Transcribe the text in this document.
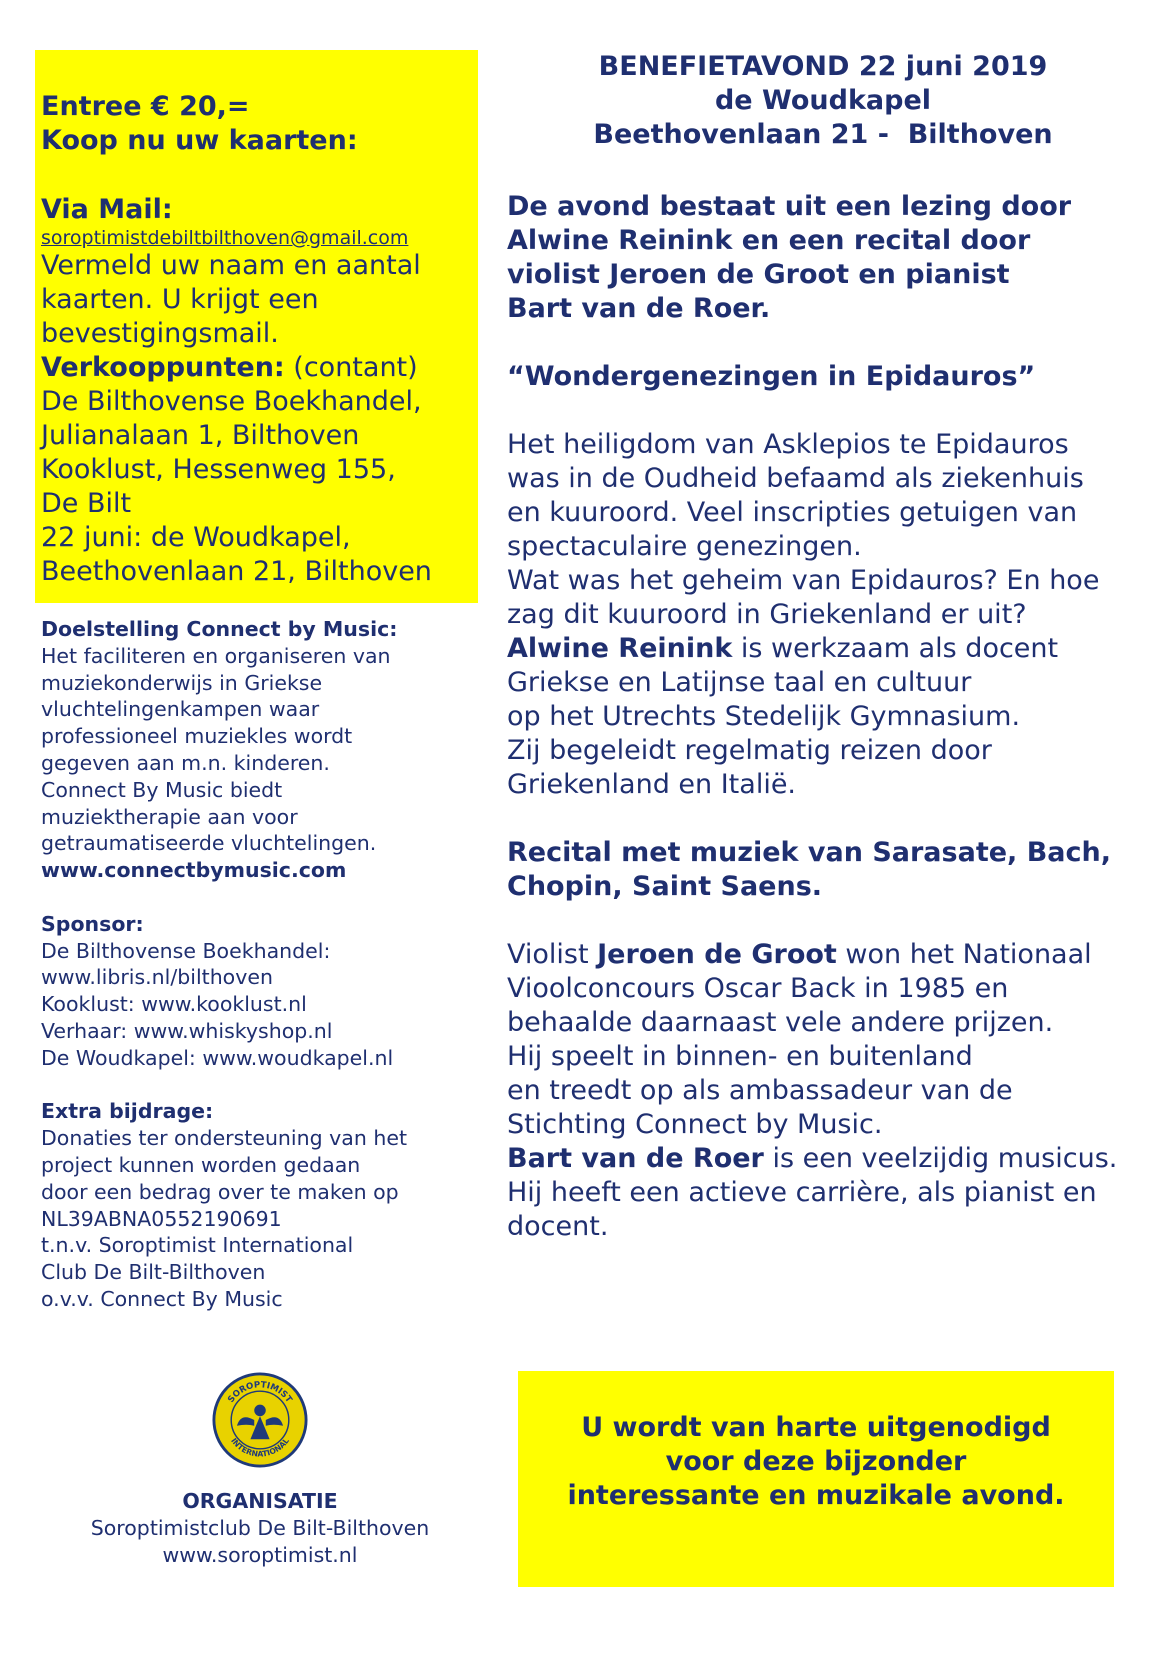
Entree € 20,=

Koop nu uw kaarten:

Via Mail:

soroptimistdebiltbilthoven@gmail.com

Vermeld uw naam en aantal

kaarten. U krijgt een

bevestigingsmail.

Verkooppunten: (contant)

De Bilthovense Boekhandel,

Julianalaan 1, Bilthoven

Kooklust, Hessenweg 155,

De Bilt

22 juni: de Woudkapel,

Beethovenlaan 21, Bilthoven

Doelstelling Connect by Music:

Het faciliteren en organiseren van

muziekonderwijs in Griekse

vluchtelingenkampen waar

professioneel muziekles wordt

gegeven aan m.n. kinderen.

Connect By Music biedt

muziektherapie aan voor

getraumatiseerde vluchtelingen.

www.connectbymusic.com

Sponsor:

De Bilthovense Boekhandel:

www.libris.nl/bilthoven

Kooklust: www.kooklust.nl

Verhaar: www.whiskyshop.nl

De Woudkapel: www.woudkapel.nl

Extra bijdrage:

Donaties ter ondersteuning van het

project kunnen worden gedaan

door een bedrag over te maken op

NL39ABNA0552190691

t.n.v. Soroptimist International

Club De Bilt-Bilthoven

o.v.v. Connect By Music

SOROPTIMIST
INTERNATIONAL

ORGANISATIE

Soroptimistclub De Bilt-Bilthoven

www.soroptimist.nl

BENEFIETAVOND 22 juni 2019

de Woudkapel

Beethovenlaan 21 -  Bilthoven

De avond bestaat uit een lezing door

Alwine Reinink en een recital door

violist Jeroen de Groot en pianist

Bart van de Roer.

“Wondergenezingen in Epidauros”

Het heiligdom van Asklepios te Epidauros

was in de Oudheid befaamd als ziekenhuis

en kuuroord. Veel inscripties getuigen van

spectaculaire genezingen.

Wat was het geheim van Epidauros? En hoe

zag dit kuuroord in Griekenland er uit?

Alwine Reinink is werkzaam als docent

Griekse en Latijnse taal en cultuur

op het Utrechts Stedelijk Gymnasium.

Zij begeleidt regelmatig reizen door

Griekenland en Italië.

Recital met muziek van Sarasate, Bach,

Chopin, Saint Saens.

Violist Jeroen de Groot won het Nationaal

Vioolconcours Oscar Back in 1985 en

behaalde daarnaast vele andere prijzen.

Hij speelt in binnen- en buitenland

en treedt op als ambassadeur van de

Stichting Connect by Music.

Bart van de Roer is een veelzijdig musicus.

Hij heeft een actieve carrière, als pianist en

docent.

U wordt van harte uitgenodigd

voor deze bijzonder

interessante en muzikale avond.
